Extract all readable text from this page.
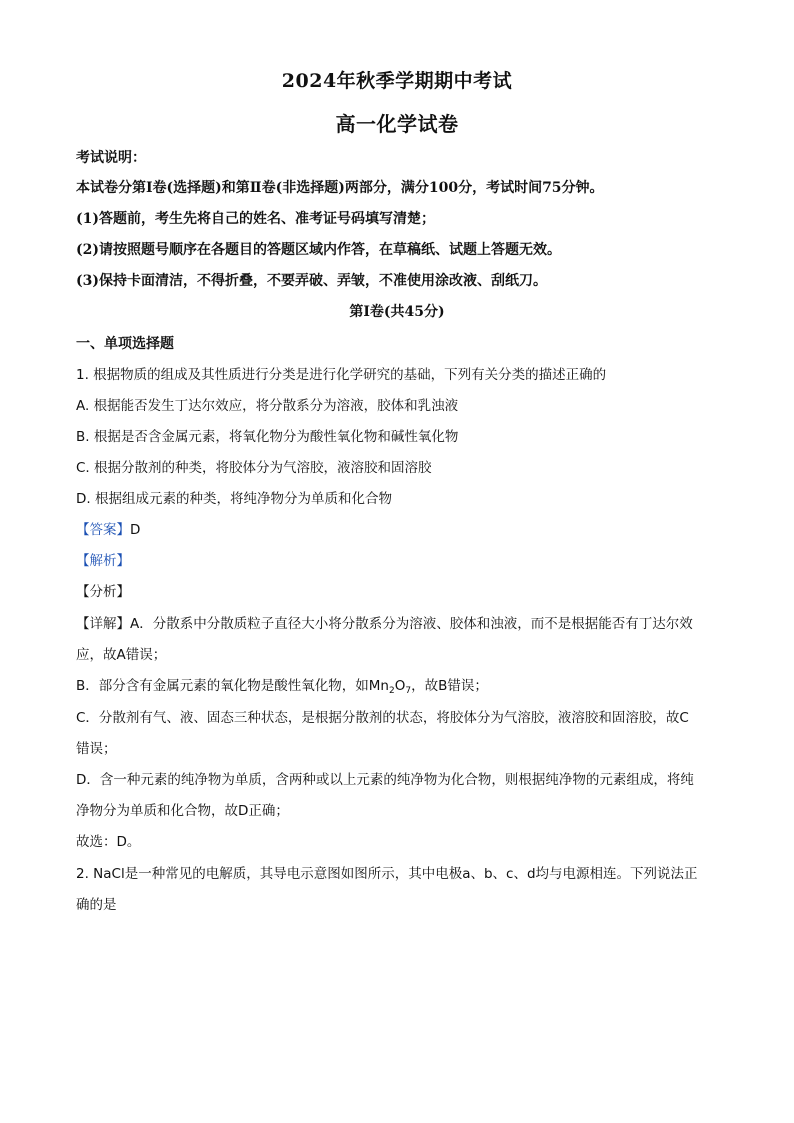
2024年秋季学期期中考试
高一化学试卷
考试说明：
本试卷分第Ⅰ卷(选择题)和第Ⅱ卷(非选择题)两部分，满分100分，考试时间75分钟。
(1)答题前，考生先将自己的姓名、准考证号码填写清楚；
(2)请按照题号顺序在各题目的答题区域内作答，在草稿纸、试题上答题无效。
(3)保持卡面清洁，不得折叠，不要弄破、弄皱，不准使用涂改液、刮纸刀。
第Ⅰ卷(共45分)
一、单项选择题
1. 根据物质的组成及其性质进行分类是进行化学研究的基础，下列有关分类的描述正确的
A. 根据能否发生丁达尔效应，将分散系分为溶液，胶体和乳浊液
B. 根据是否含金属元素，将氧化物分为酸性氧化物和碱性氧化物
C. 根据分散剂的种类，将胶体分为气溶胶，液溶胶和固溶胶
D. 根据组成元素的种类，将纯净物分为单质和化合物
【答案】D
【解析】
【分析】
【详解】A．分散系中分散质粒子直径大小将分散系分为溶液、胶体和浊液，而不是根据能否有丁达尔效
应，故A错误；
B．部分含有金属元素的氧化物是酸性氧化物，如$Mn_2O_7$，故B错误；
C．分散剂有气、液、固态三种状态，是根据分散剂的状态，将胶体分为气溶胶，液溶胶和固溶胶，故C
错误；
D．含一种元素的纯净物为单质，含两种或以上元素的纯净物为化合物，则根据纯净物的元素组成，将纯
净物分为单质和化合物，故D正确；
故选：D。
2. NaCl是一种常见的电解质，其导电示意图如图所示，其中电极a、b、c、d均与电源相连。下列说法正
确的是
